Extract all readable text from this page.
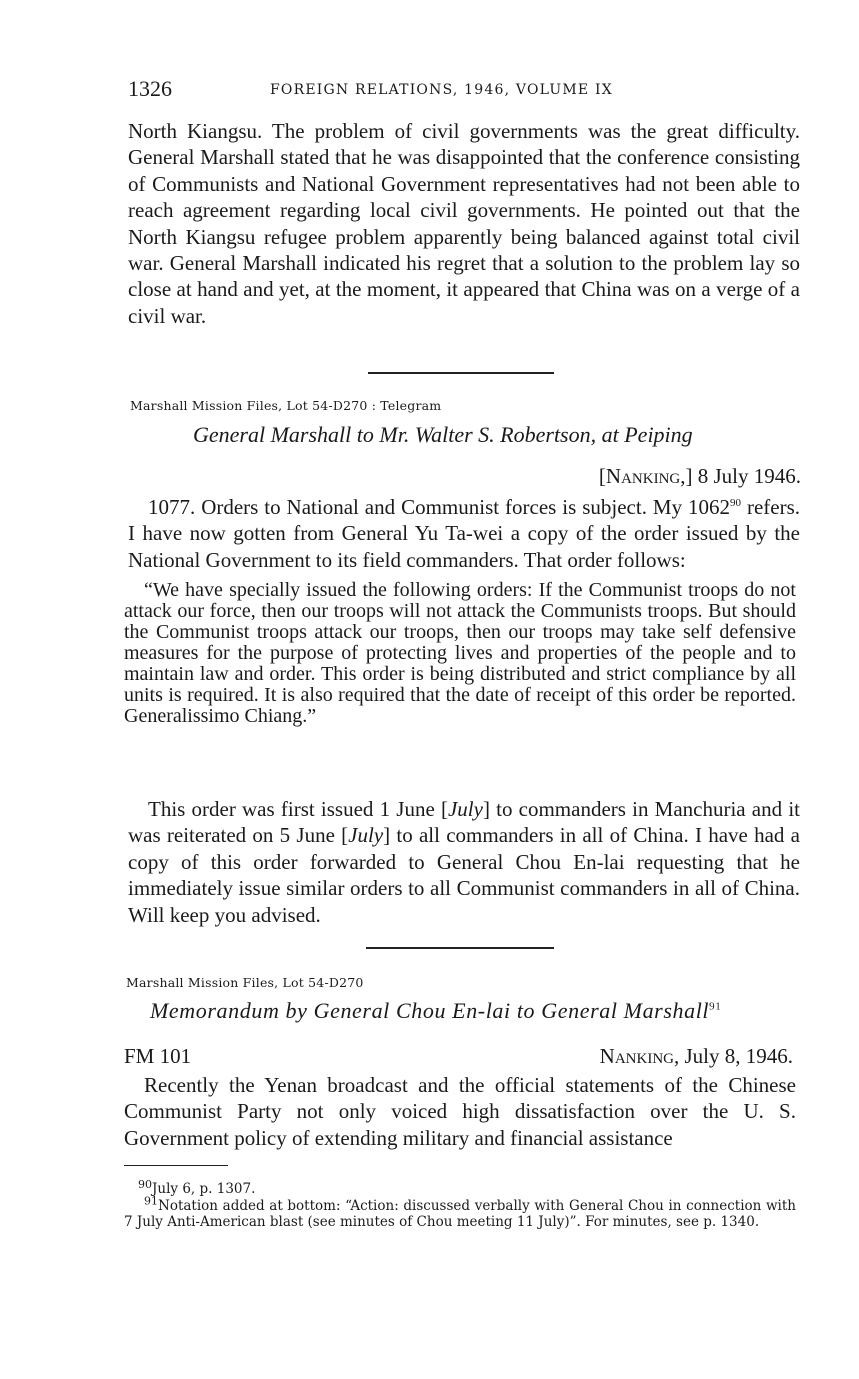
1326	FOREIGN RELATIONS, 1946, VOLUME IX
North Kiangsu. The problem of civil governments was the great difficulty. General Marshall stated that he was disappointed that the conference consisting of Communists and National Government representatives had not been able to reach agreement regarding local civil governments. He pointed out that the North Kiangsu refugee problem apparently being balanced against total civil war. General Marshall indicated his regret that a solution to the problem lay so close at hand and yet, at the moment, it appeared that China was on a verge of a civil war.
Marshall Mission Files, Lot 54-D270 : Telegram
General Marshall to Mr. Walter S. Robertson, at Peiping
[Nanking,] 8 July 1946.
1077. Orders to National and Communist forces is subject. My 1062$^{90}$ refers. I have now gotten from General Yu Ta-wei a copy of the order issued by the National Government to its field commanders. That order follows:
“We have specially issued the following orders: If the Communist troops do not attack our force, then our troops will not attack the Communists troops. But should the Communist troops attack our troops, then our troops may take self defensive measures for the purpose of protecting lives and properties of the people and to maintain law and order. This order is being distributed and strict compliance by all units is required. It is also required that the date of receipt of this order be reported. Generalissimo Chiang.”
This order was first issued 1 June [July] to commanders in Manchuria and it was reiterated on 5 June [July] to all commanders in all of China. I have had a copy of this order forwarded to General Chou En-lai requesting that he immediately issue similar orders to all Communist commanders in all of China. Will keep you advised.
Marshall Mission Files, Lot 54-D270
Memorandum by General Chou En-lai to General Marshall$^{91}$
FM 101	Nanking, July 8, 1946.
Recently the Yenan broadcast and the official statements of the Chinese Communist Party not only voiced high dissatisfaction over the U. S. Government policy of extending military and financial assistance
$^{90}$July 6, p. 1307.
$^{91}$Notation added at bottom: “Action: discussed verbally with General Chou in connection with 7 July Anti-American blast (see minutes of Chou meeting 11 July)”. For minutes, see p. 1340.
